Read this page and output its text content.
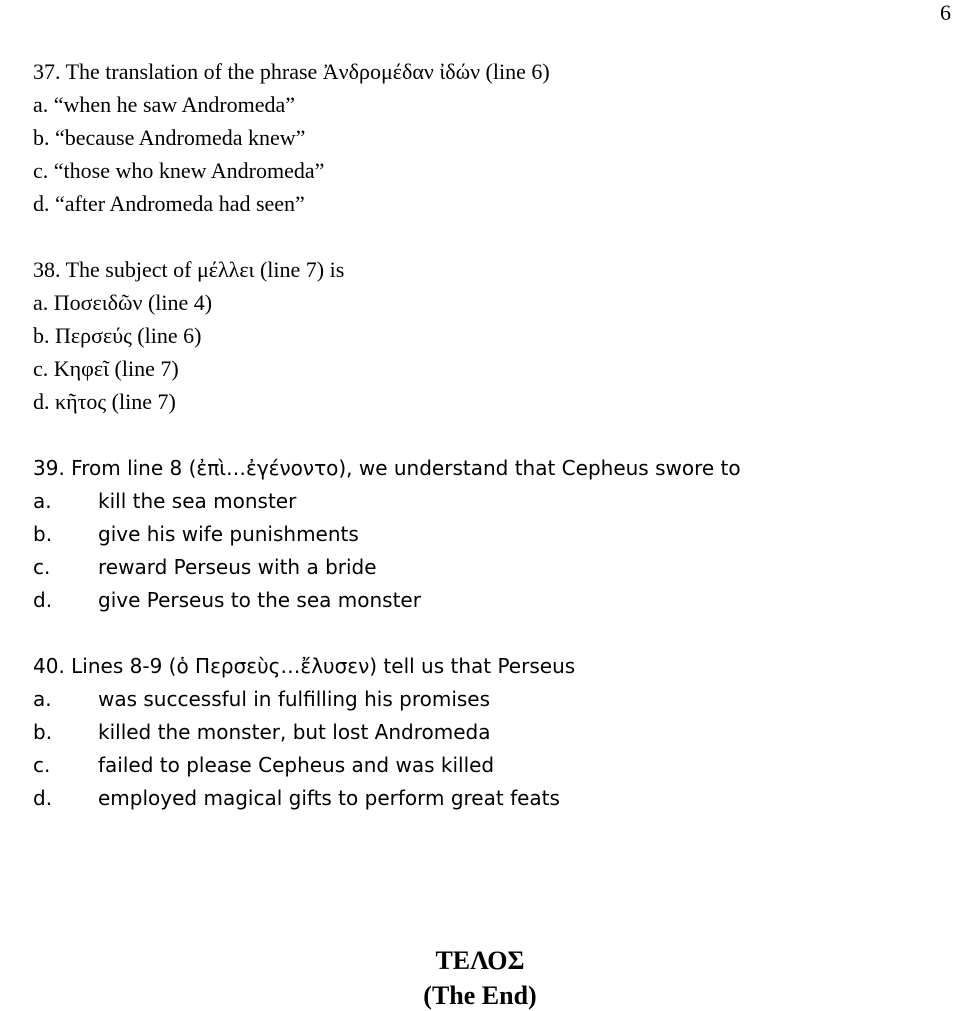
6
37. The translation of the phrase Ἀνδρομέδαν ἰδών (line 6)
a. “when he saw Andromeda”
b. “because Andromeda knew”
c. “those who knew Andromeda”
d. “after Andromeda had seen”
38. The subject of μέλλει (line 7) is
a. Ποσειδῶν (line 4)
b. Περσεύς (line 6)
c. Κηφεῖ (line 7)
d. κῆτος (line 7)
39. From line 8 (ἐπὶ…ἐγένοντο), we understand that Cepheus swore to
a. kill the sea monster
b. give his wife punishments
c. reward Perseus with a bride
d. give Perseus to the sea monster
40. Lines 8-9 (ὁ Περσεὺς…ἔλυσεν) tell us that Perseus
a. was successful in fulfilling his promises
b. killed the monster, but lost Andromeda
c. failed to please Cepheus and was killed
d. employed magical gifts to perform great feats
ΤΕΛΟΣ
(The End)
